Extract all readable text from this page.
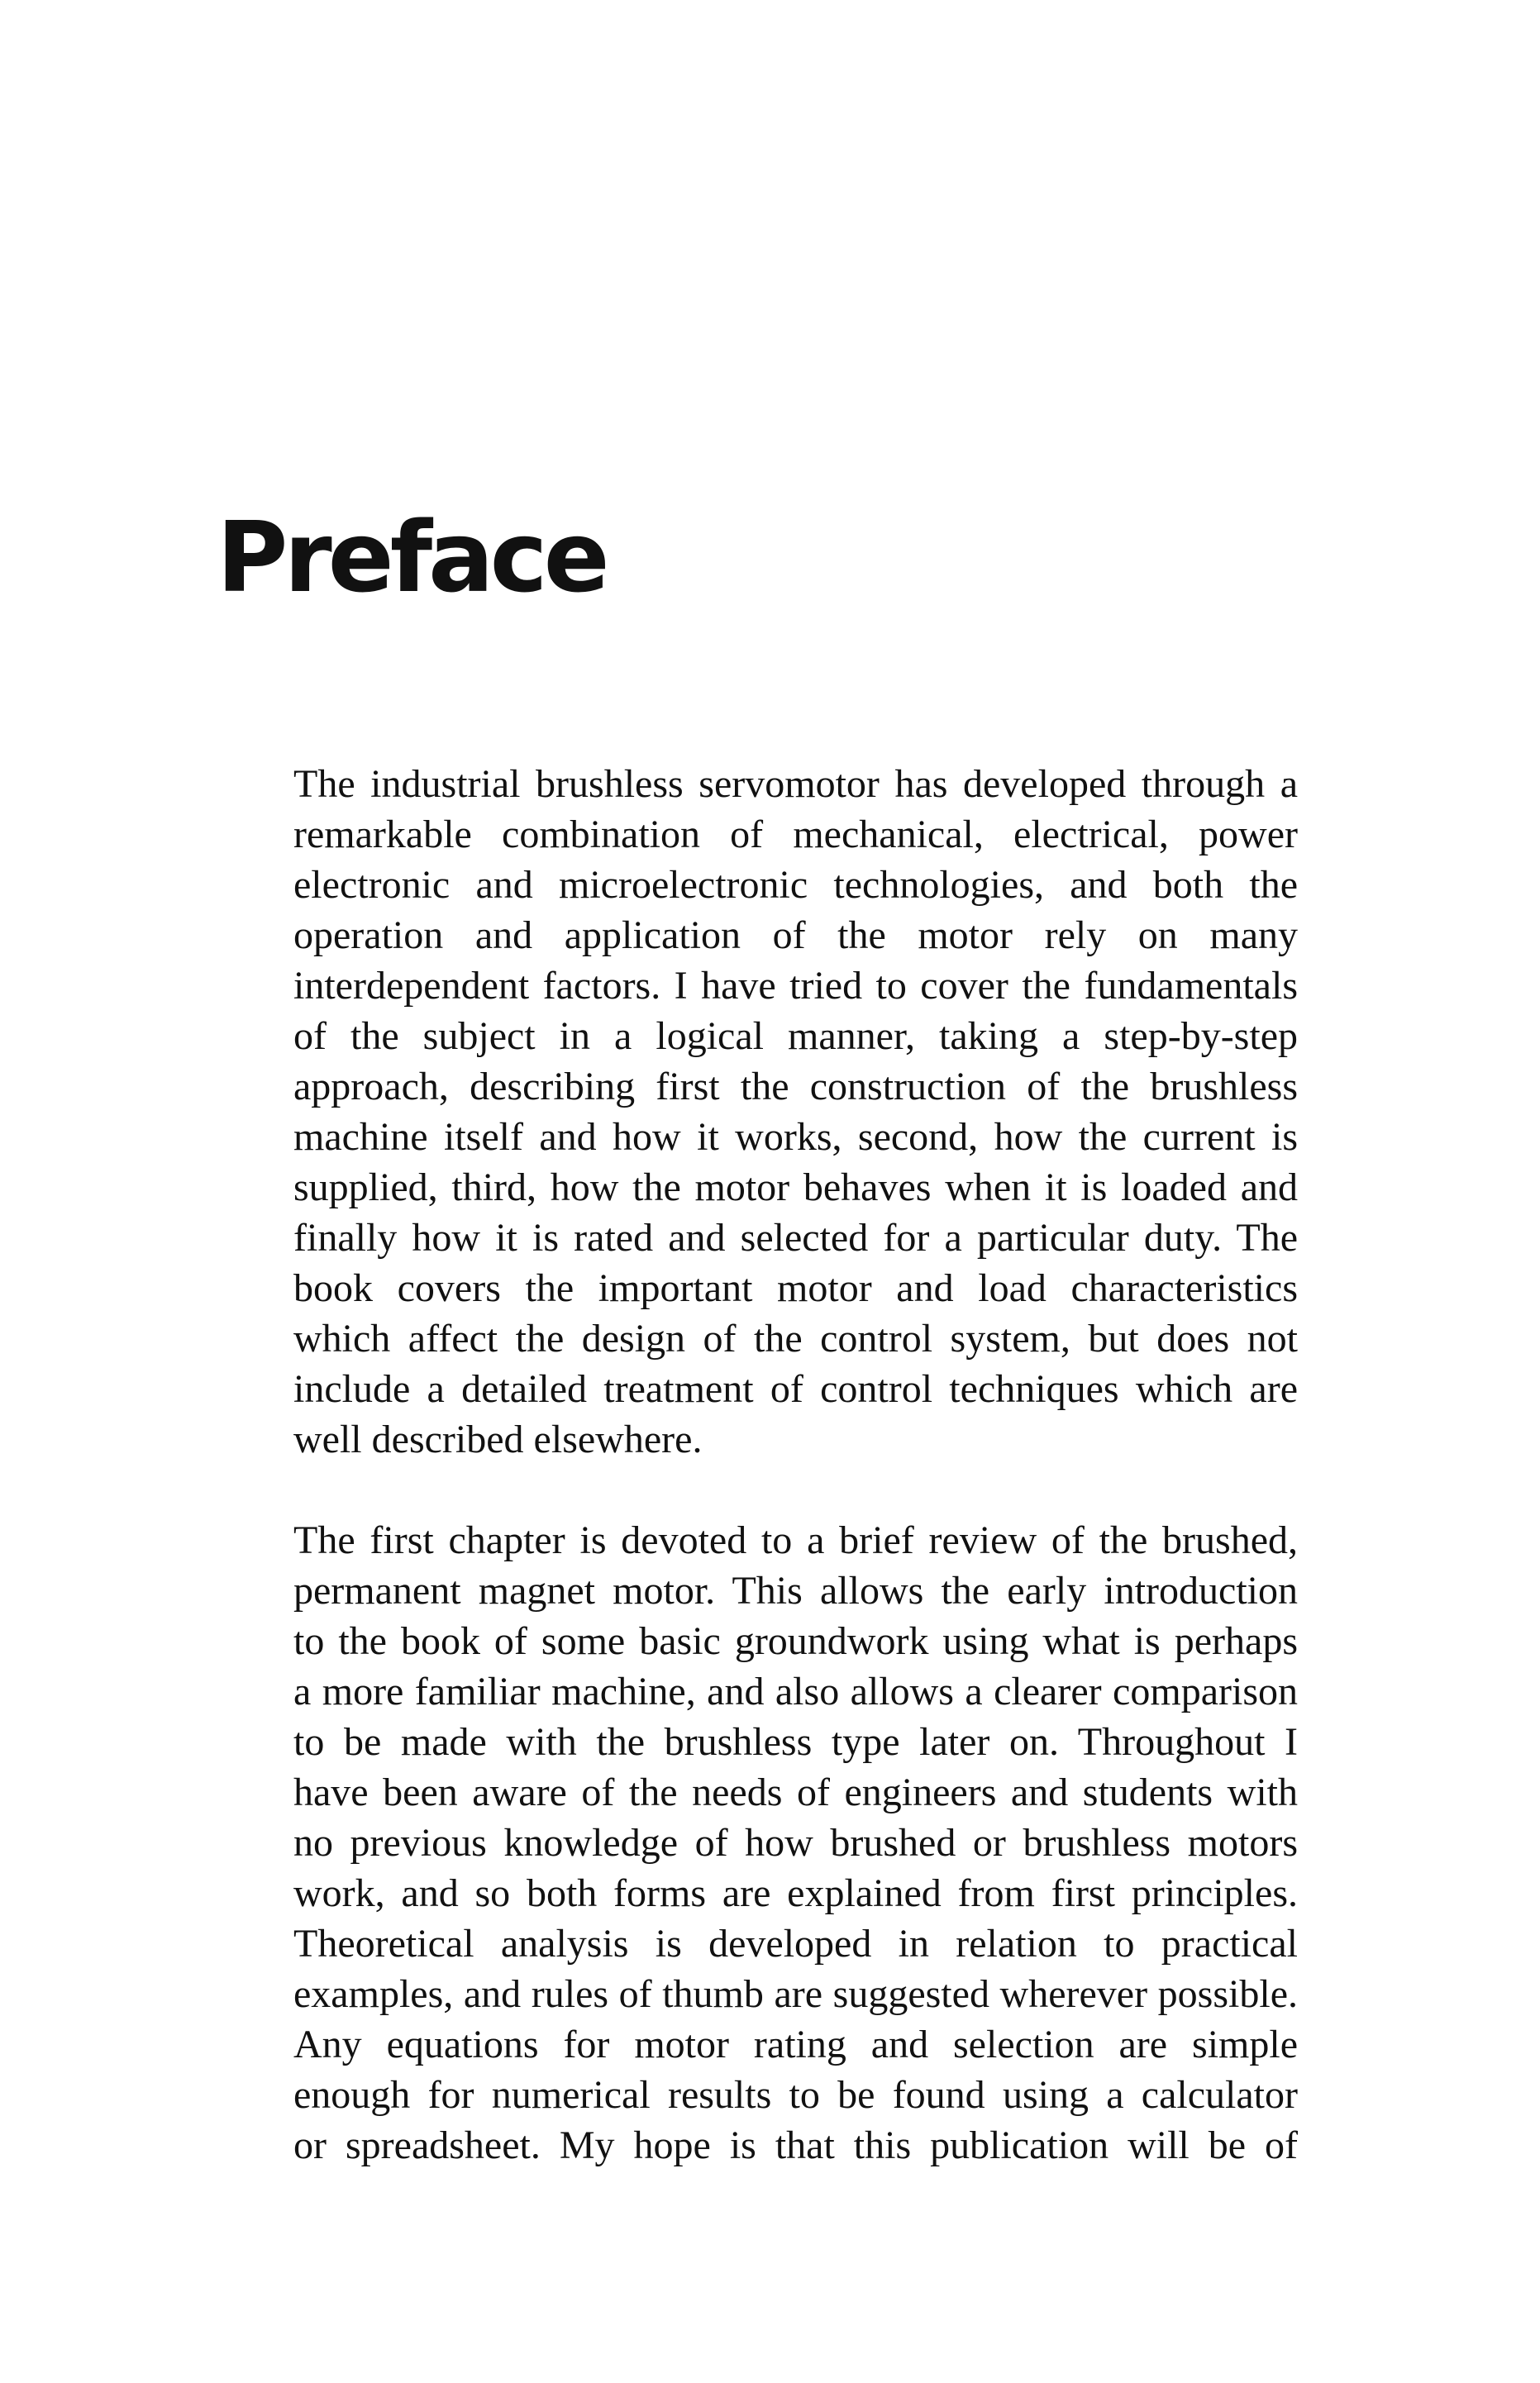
Preface

The industrial brushless servomotor has developed through a
remarkable combination of mechanical, electrical, power
electronic and microelectronic technologies, and both the
operation and application of the motor rely on many
interdependent factors. I have tried to cover the fundamentals
of the subject in a logical manner, taking a step-by-step
approach, describing first the construction of the brushless
machine itself and how it works, second, how the current is
supplied, third, how the motor behaves when it is loaded and
finally how it is rated and selected for a particular duty. The
book covers the important motor and load characteristics
which affect the design of the control system, but does not
include a detailed treatment of control techniques which are
well described elsewhere.

The first chapter is devoted to a brief review of the brushed,
permanent magnet motor. This allows the early introduction
to the book of some basic groundwork using what is perhaps
a more familiar machine, and also allows a clearer comparison
to be made with the brushless type later on. Throughout I
have been aware of the needs of engineers and students with
no previous knowledge of how brushed or brushless motors
work, and so both forms are explained from first principles.
Theoretical analysis is developed in relation to practical
examples, and rules of thumb are suggested wherever possible.
Any equations for motor rating and selection are simple
enough for numerical results to be found using a calculator
or spreadsheet. My hope is that this publication will be of
